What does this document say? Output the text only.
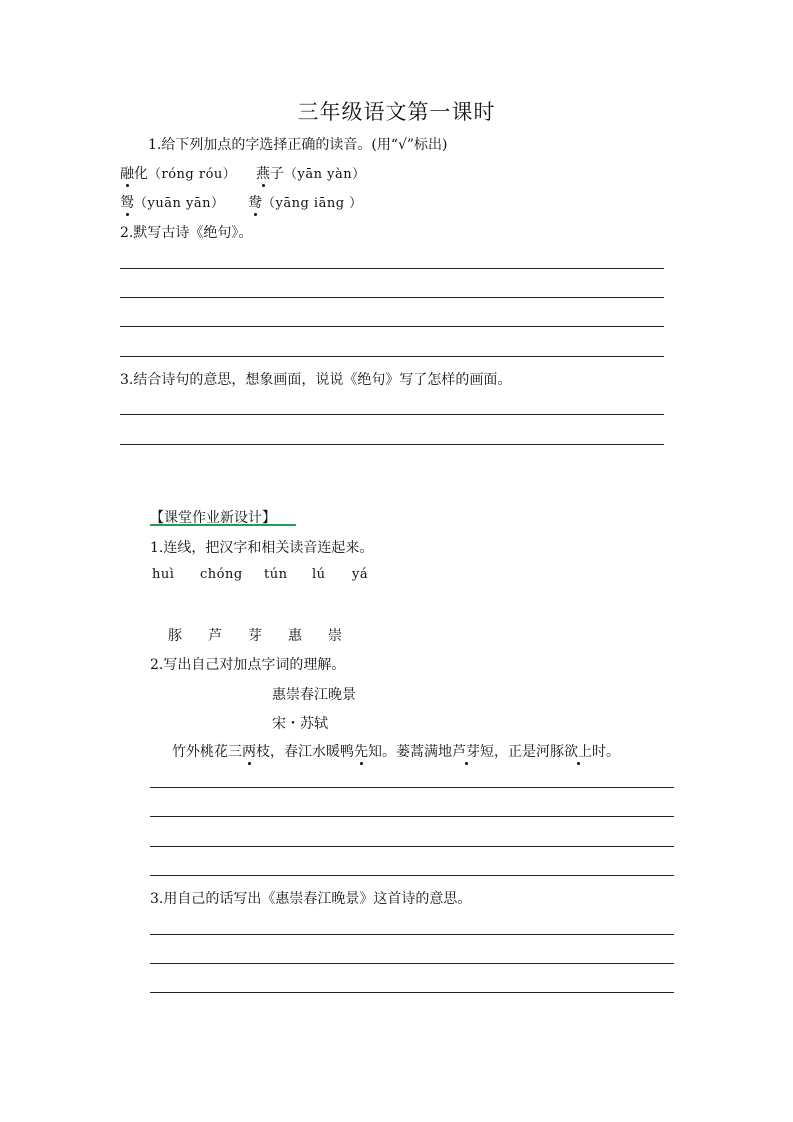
三年级语文第一课时
1.给下列加点的字选择正确的读音。(用“√”标出)
融化（róng róu） 燕子（yān yàn）
鸳（yuān yān） 鸯（yāng iāng ）
2.默写古诗《绝句》。
3.结合诗句的意思，想象画面，说说《绝句》写了怎样的画面。
【课堂作业新设计】
1.连线，把汉字和相关读音连起来。
huì chóng tún lú yá
豚 芦 芽 惠 崇
2.写出自己对加点字词的理解。
惠崇春江晚景
宋・苏轼
竹外桃花三两枝，春江水暖鸭先知。蒌蒿满地芦芽短，正是河豚欲上时。
3.用自己的话写出《惠崇春江晚景》这首诗的意思。
